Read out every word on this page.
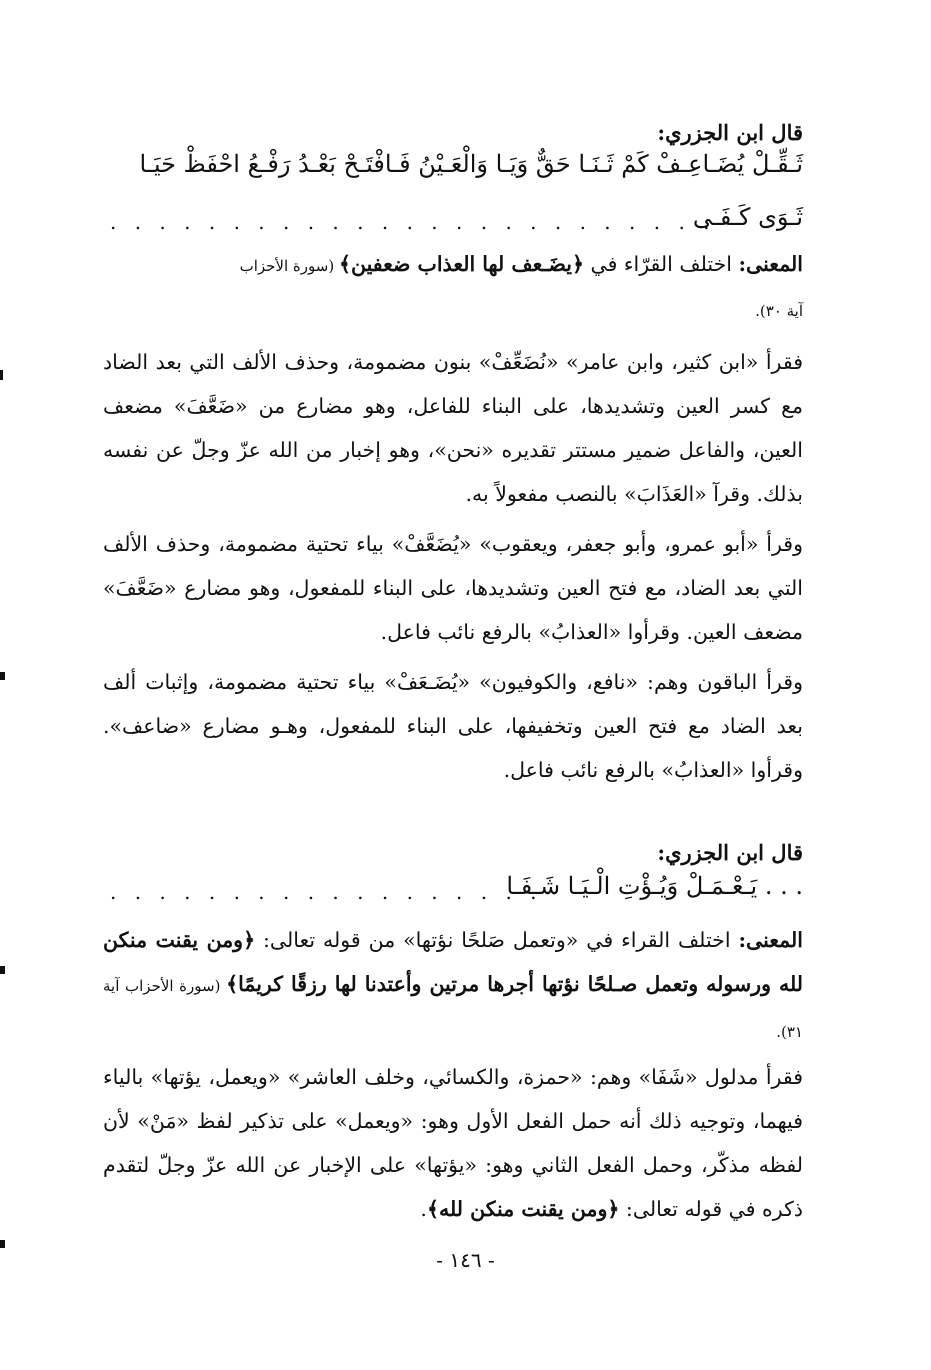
قال ابن الجزري:
ثَـقِّـلْ يُضَـاعِـفْ كَمْ ثَـنَـا حَقٌّ وَيَـا وَالْعَـيْنُ فَـافْتَـحْ بَعْـدُ رَفْـعُ احْفَظْ حَيَـا
ثَـوَى كَـفَـى
. . . . . . . . . . . . . . . . . . . . . . . . .
المعنى: اختلف القرّاء في ﴿يضَـعف لها العذاب ضعفين﴾ (سورة الأحزاب
آية ٣٠).
فقرأ «ابن كثير، وابن عامر» «نُضَعِّفْ» بنون مضمومة، وحذف الألف التي بعد الضاد مع كسر العين وتشديدها، على البناء للفاعل، وهو مضارع من «ضَعَّفَ» مضعف العين، والفاعل ضمير مستتر تقديره «نحن»، وهو إخبار من الله عزّ وجلّ عن نفسه بذلك. وقرآ «العَذَابَ» بالنصب مفعولاً به.
وقرأ «أبو عمرو، وأبو جعفر، ويعقوب» «يُضَعَّفْ» بياء تحتية مضمومة، وحذف الألف التي بعد الضاد، مع فتح العين وتشديدها، على البناء للمفعول، وهو مضارع «ضَعَّفَ» مضعف العين. وقرأوا «العذابُ» بالرفع نائب فاعل.
وقرأ الباقون وهم: «نافع، والكوفيون» «يُضَـعَفْ» بياء تحتية مضمومة، وإثبات ألف بعد الضاد مع فتح العين وتخفيفها، على البناء للمفعول، وهـو مضارع «ضاعف». وقرأوا «العذابُ» بالرفع نائب فاعل.
قال ابن الجزري:
. . . يَـعْـمَـلْ وَيُـؤْتِ الْـيَـا شَـفَـا
. . . . . . . . . . . . . . . . . .
المعنى: اختلف القراء في «وتعمل صَلحًا نؤتها» من قوله تعالى: ﴿ومن يقنت منكن لله ورسوله وتعمل صـلحًا نؤتها أجرها مرتين وأعتدنا لها رزقًا كريمًا﴾ (سورة الأحزاب آية ٣١).
فقرأ مدلول «شَفَا» وهم: «حمزة، والكسائي، وخلف العاشر» «ويعمل، يؤتها» بالياء فيهما، وتوجيه ذلك أنه حمل الفعل الأول وهو: «ويعمل» على تذكير لفظ «مَنْ» لأن لفظه مذكّر، وحمل الفعل الثاني وهو: «يؤتها» على الإخبار عن الله عزّ وجلّ لتقدم ذكره في قوله تعالى: ﴿ومن يقنت منكن لله﴾.
- ١٤٦ -
